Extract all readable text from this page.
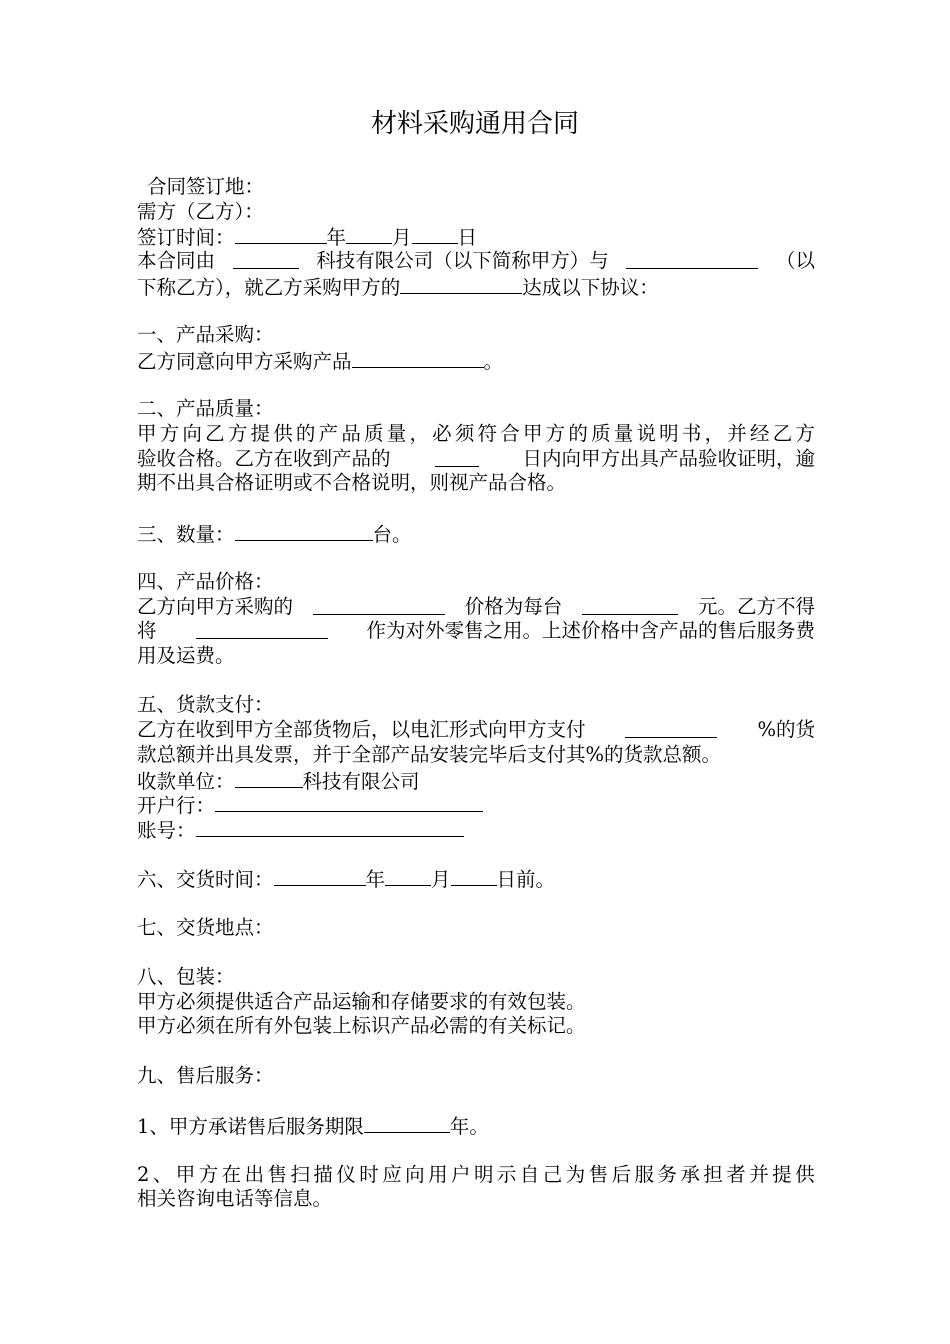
材料采购通用合同
合同签订地：
需方（乙方）：
签订时间：	年 月 日
本合同由	科技有限公司（以下简称甲方）与	（以
下称乙方），就乙方采购甲方的	达成以下协议：
一、产品采购：
乙方同意向甲方采购产品	。
二、产品质量：
甲 方 向 乙 方 提 供 的 产 品 质 量 ， 必 须 符 合 甲 方 的 质 量 说 明 书 ， 并 经 乙 方
验收合格。乙方在收到产品的	日内向甲方出具产品验收证明，逾
期不出具合格证明或不合格说明，则视产品合格。
三、数量：	台。
四、产品价格：
乙方向甲方采购的	价格为每台	元。乙方不得
将	作为对外零售之用。上述价格中含产品的售后服务费
用及运费。
五、货款支付：
乙方在收到甲方全部货物后，以电汇形式向甲方支付	%的货
款总额并出具发票，并于全部产品安装完毕后支付其%的货款总额。
收款单位：	科技有限公司
开户行：
账号：
六、交货时间：	年 月 日前。
七、交货地点：
八、包装：
甲方必须提供适合产品运输和存储要求的有效包装。
甲方必须在所有外包装上标识产品必需的有关标记。
九、售后服务：
1、甲方承诺售后服务期限	年。
2 、 甲 方 在 出 售 扫 描 仪 时 应 向 用 户 明 示 自 己 为 售 后 服 务 承 担 者 并 提 供
相关咨询电话等信息。
